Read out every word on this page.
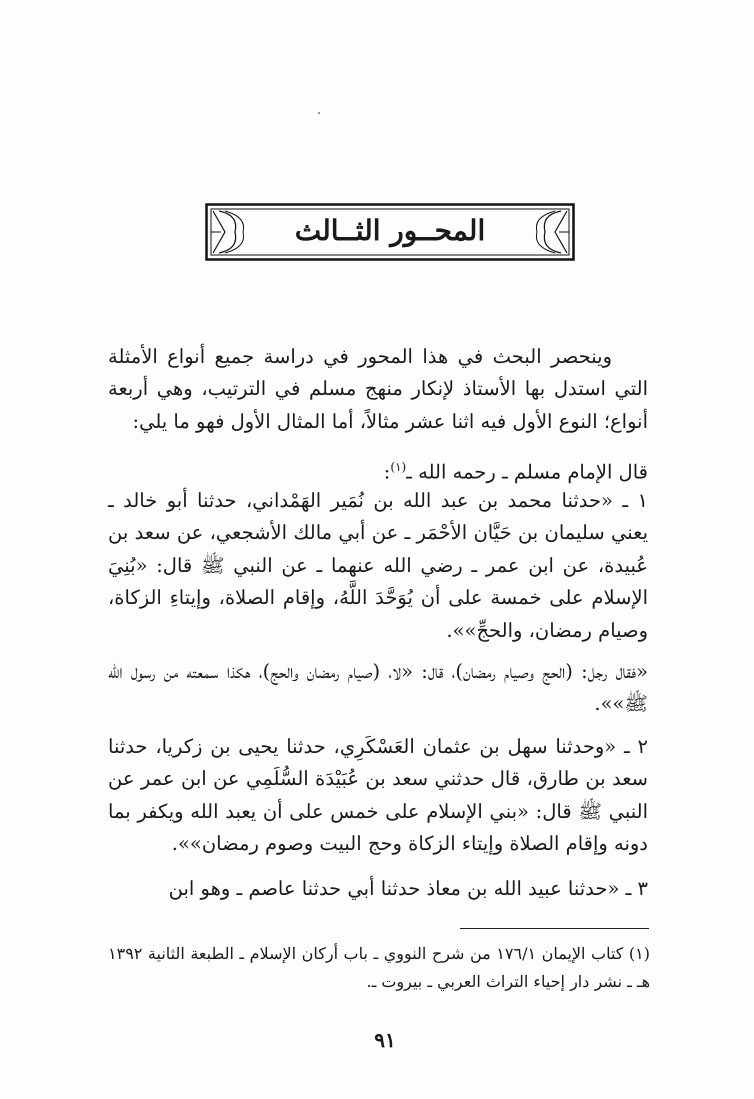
المحــور الثــالث

وينحصر البحث في هذا المحور في دراسة جميع أنواع الأمثلة التي استدل بها الأستاذ لإنكار منهج مسلم في الترتيب، وهي أربعة أنواع؛ النوع الأول فيه اثنا عشر مثالاً، أما المثال الأول فهو ما يلي:

قال الإمام مسلم ـ رحمه الله ـ$^{(١)}$:

١ ـ «حدثنا محمد بن عبد الله بن نُمَير الهَمْداني، حدثنا أبو خالد ـ يعني سليمان بن حَيَّان الأحْمَر ـ عن أبي مالك الأشجعي، عن سعد بن عُبيدة، عن ابن عمر ـ رضي الله عنهما ـ عن النبي ﷺ قال: «بُنِيَ الإسلام على خمسة على أن يُوَحَّدَ اللَّهُ، وإقام الصلاة، وإيتاءِ الزكاة، وصيام رمضان، والحجِّ»».

«فقال رجل: (الحج وصيام رمضان)، قال: «لا، (صيام رمضان والحج)، هكذا سمعته من رسول الله ﷺ»».

٢ ـ «وحدثنا سهل بن عثمان العَسْكَرِي، حدثنا يحيى بن زكريا، حدثنا سعد بن طارق، قال حدثني سعد بن عُبَيْدَة السُّلَمِي عن ابن عمر عن النبي ﷺ قال: «بني الإسلام على خمس على أن يعبد الله ويكفر بما دونه وإقام الصلاة وإيتاء الزكاة وحج البيت وصوم رمضان»».

٣ ـ «حدثنا عبيد الله بن معاذ حدثنا أبي حدثنا عاصم ـ وهو ابن

(١) كتاب الإيمان ١٧٦/١ من شرح النووي ـ باب أركان الإسلام ـ الطبعة الثانية ١٣٩٢ هـ ـ نشر دار إحياء التراث العربي ـ بيروت ـ.
٩١
